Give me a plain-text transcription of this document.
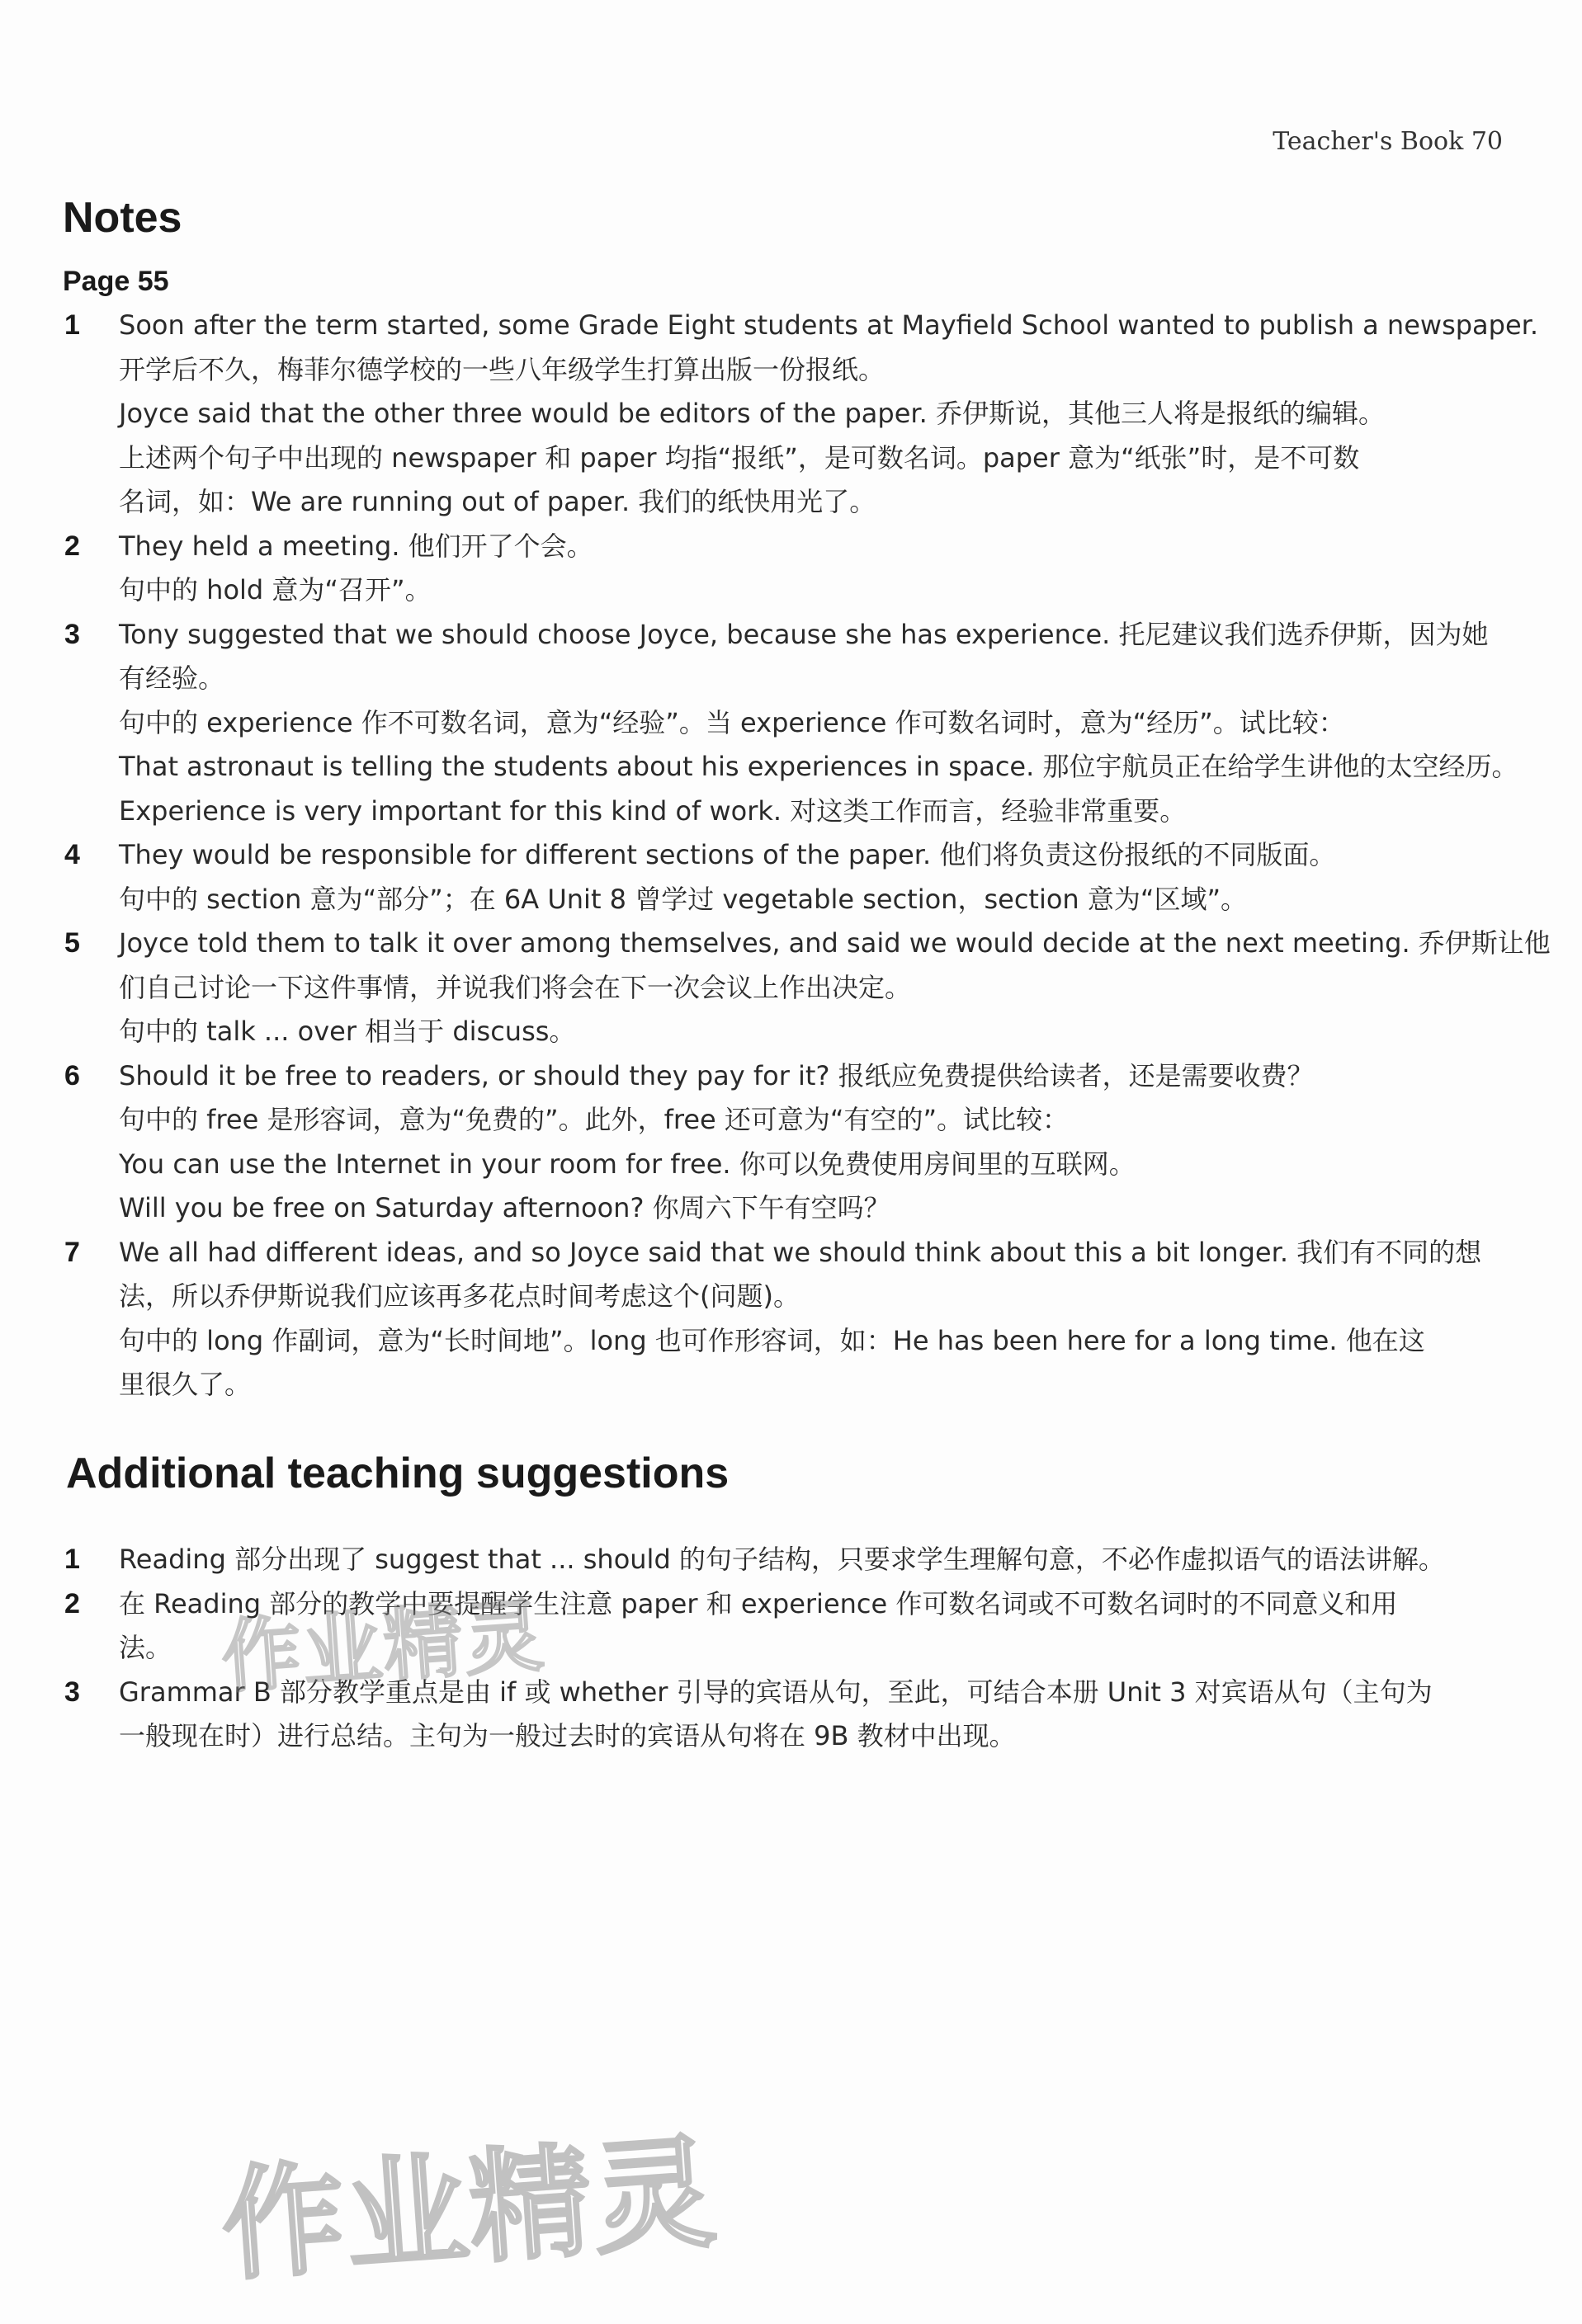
Teacher's Book 70
Notes
Page 55
1 Soon after the term started, some Grade Eight students at Mayfield School wanted to publish a newspaper.
开学后不久，梅菲尔德学校的一些八年级学生打算出版一份报纸。
Joyce said that the other three would be editors of the paper. 乔伊斯说，其他三人将是报纸的编辑。
上述两个句子中出现的 newspaper 和 paper 均指“报纸”，是可数名词。paper 意为“纸张”时，是不可数
名词，如：We are running out of paper. 我们的纸快用光了。
2 They held a meeting. 他们开了个会。
句中的 hold 意为“召开”。
3 Tony suggested that we should choose Joyce, because she has experience. 托尼建议我们选乔伊斯，因为她
有经验。
句中的 experience 作不可数名词，意为“经验”。当 experience 作可数名词时，意为“经历”。试比较：
That astronaut is telling the students about his experiences in space. 那位宇航员正在给学生讲他的太空经历。
Experience is very important for this kind of work. 对这类工作而言，经验非常重要。
4 They would be responsible for different sections of the paper. 他们将负责这份报纸的不同版面。
句中的 section 意为“部分”；在 6A Unit 8 曾学过 vegetable section，section 意为“区域”。
5 Joyce told them to talk it over among themselves, and said we would decide at the next meeting. 乔伊斯让他
们自己讨论一下这件事情，并说我们将会在下一次会议上作出决定。
句中的 talk ... over 相当于 discuss。
6 Should it be free to readers, or should they pay for it? 报纸应免费提供给读者，还是需要收费？
句中的 free 是形容词，意为“免费的”。此外，free 还可意为“有空的”。试比较：
You can use the Internet in your room for free. 你可以免费使用房间里的互联网。
Will you be free on Saturday afternoon? 你周六下午有空吗？
7 We all had different ideas, and so Joyce said that we should think about this a bit longer. 我们有不同的想
法，所以乔伊斯说我们应该再多花点时间考虑这个(问题)。
句中的 long 作副词，意为“长时间地”。long 也可作形容词，如：He has been here for a long time. 他在这
里很久了。
Additional teaching suggestions
1 Reading 部分出现了 suggest that ... should 的句子结构，只要求学生理解句意，不必作虚拟语气的语法讲解。
2 在 Reading 部分的教学中要提醒学生注意 paper 和 experience 作可数名词或不可数名词时的不同意义和用
法。
3 Grammar B 部分教学重点是由 if 或 whether 引导的宾语从句，至此，可结合本册 Unit 3 对宾语从句（主句为
一般现在时）进行总结。主句为一般过去时的宾语从句将在 9B 教材中出现。
作业精灵
作业精灵
